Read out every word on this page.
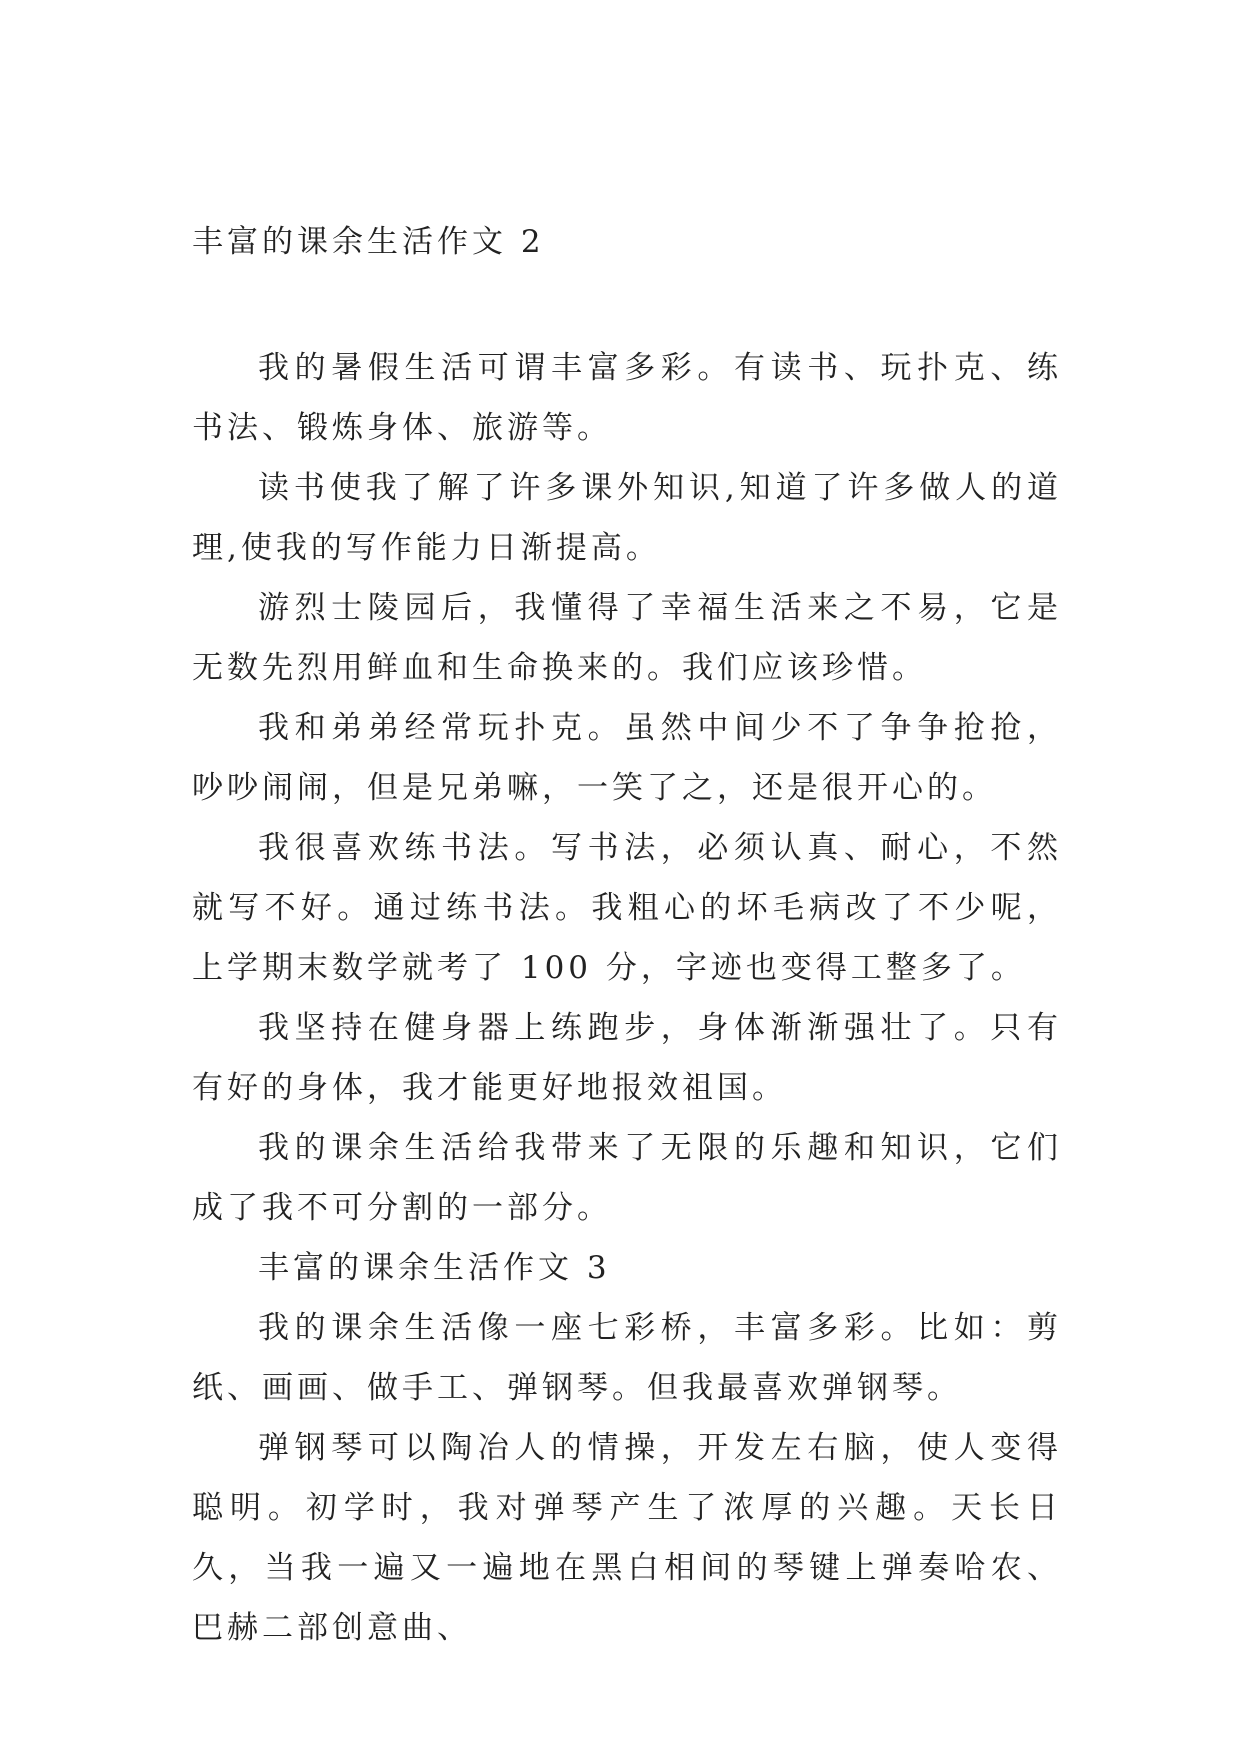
丰富的课余生活作文 2

我的暑假生活可谓丰富多彩。有读书、玩扑克、练书法、锻炼身体、旅游等。

读书使我了解了许多课外知识,知道了许多做人的道理,使我的写作能力日渐提高。

游烈士陵园后，我懂得了幸福生活来之不易，它是无数先烈用鲜血和生命换来的。我们应该珍惜。

我和弟弟经常玩扑克。虽然中间少不了争争抢抢，吵吵闹闹，但是兄弟嘛，一笑了之，还是很开心的。

我很喜欢练书法。写书法，必须认真、耐心，不然就写不好。通过练书法。我粗心的坏毛病改了不少呢，上学期末数学就考了 100 分，字迹也变得工整多了。

我坚持在健身器上练跑步，身体渐渐强壮了。只有有好的身体，我才能更好地报效祖国。

我的课余生活给我带来了无限的乐趣和知识，它们成了我不可分割的一部分。

丰富的课余生活作文 3

我的课余生活像一座七彩桥，丰富多彩。比如：剪纸、画画、做手工、弹钢琴。但我最喜欢弹钢琴。

弹钢琴可以陶冶人的情操，开发左右脑，使人变得聪明。初学时，我对弹琴产生了浓厚的兴趣。天长日久，当我一遍又一遍地在黑白相间的琴键上弹奏哈农、巴赫二部创意曲、
